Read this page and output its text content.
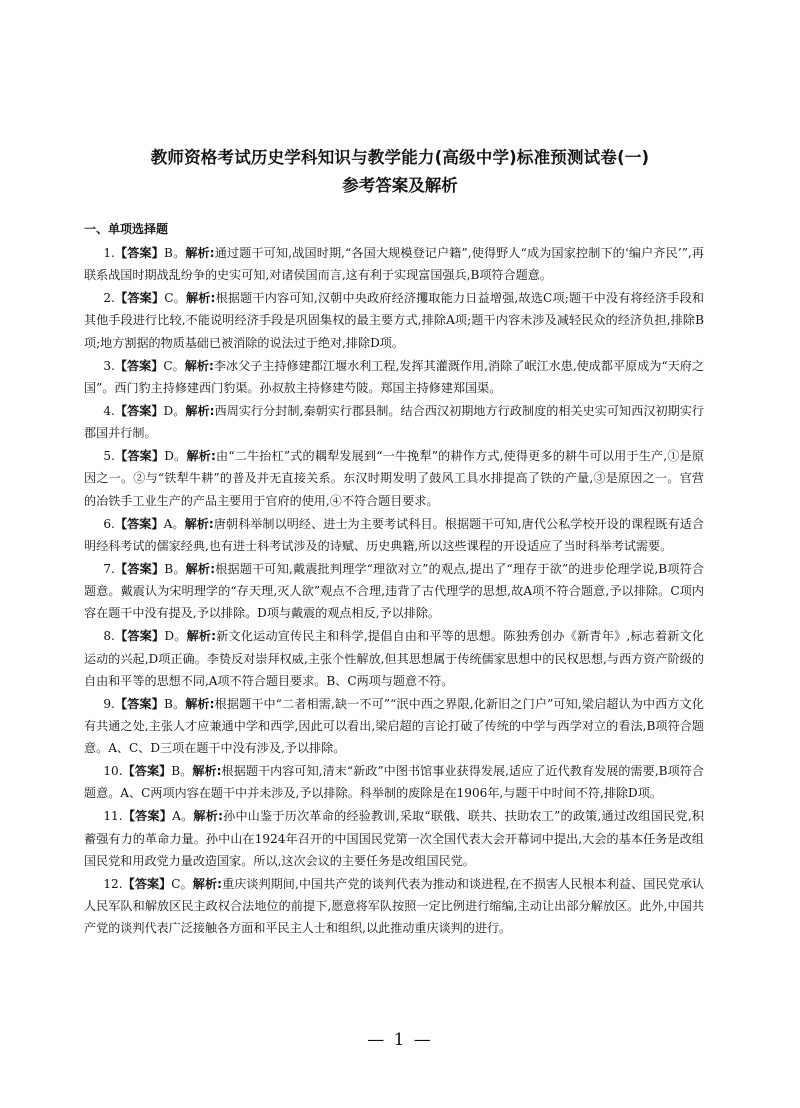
教师资格考试历史学科知识与教学能力(高级中学)标准预测试卷(一)
参考答案及解析
一、单项选择题

1.【答案】B。解析:通过题干可知,战国时期,“各国大规模登记户籍”,使得野人“成为国家控制下的‘编户齐民’”,再联系战国时期战乱纷争的史实可知,对诸侯国而言,这有利于实现富国强兵,B项符合题意。

2.【答案】C。解析:根据题干内容可知,汉朝中央政府经济攫取能力日益增强,故选C项;题干中没有将经济手段和其他手段进行比较,不能说明经济手段是巩固集权的最主要方式,排除A项;题干内容未涉及减轻民众的经济负担,排除B项;地方割据的物质基础已被消除的说法过于绝对,排除D项。

3.【答案】C。解析:李冰父子主持修建都江堰水利工程,发挥其灌溉作用,消除了岷江水患,使成都平原成为“天府之国”。西门豹主持修建西门豹渠。孙叔敖主持修建芍陂。郑国主持修建郑国渠。

4.【答案】D。解析:西周实行分封制,秦朝实行郡县制。结合西汉初期地方行政制度的相关史实可知西汉初期实行郡国并行制。

5.【答案】D。解析:由“二牛抬杠”式的耦犁发展到“一牛挽犁”的耕作方式,使得更多的耕牛可以用于生产,①是原因之一。②与“铁犁牛耕”的普及并无直接关系。东汉时期发明了鼓风工具水排提高了铁的产量,③是原因之一。官营的冶铁手工业生产的产品主要用于官府的使用,④不符合题目要求。

6.【答案】A。解析:唐朝科举制以明经、进士为主要考试科目。根据题干可知,唐代公私学校开设的课程既有适合明经科考试的儒家经典,也有进士科考试涉及的诗赋、历史典籍,所以这些课程的开设适应了当时科举考试需要。

7.【答案】B。解析:根据题干可知,戴震批判理学“理欲对立”的观点,提出了“理存于欲”的进步伦理学说,B项符合题意。戴震认为宋明理学的“存天理,灭人欲”观点不合理,违背了古代理学的思想,故A项不符合题意,予以排除。C项内容在题干中没有提及,予以排除。D项与戴震的观点相反,予以排除。

8.【答案】D。解析:新文化运动宣传民主和科学,提倡自由和平等的思想。陈独秀创办《新青年》,标志着新文化运动的兴起,D项正确。李贽反对崇拜权威,主张个性解放,但其思想属于传统儒家思想中的民权思想,与西方资产阶级的自由和平等的思想不同,A项不符合题目要求。B、C两项与题意不符。

9.【答案】B。解析:根据题干中“二者相需,缺一不可”“泯中西之界限,化新旧之门户”可知,梁启超认为中西方文化有共通之处,主张人才应兼通中学和西学,因此可以看出,梁启超的言论打破了传统的中学与西学对立的看法,B项符合题意。A、C、D三项在题干中没有涉及,予以排除。

10.【答案】B。解析:根据题干内容可知,清末“新政”中图书馆事业获得发展,适应了近代教育发展的需要,B项符合题意。A、C两项内容在题干中并未涉及,予以排除。科举制的废除是在1906年,与题干中时间不符,排除D项。

11.【答案】A。解析:孙中山鉴于历次革命的经验教训,采取“联俄、联共、扶助农工”的政策,通过改组国民党,积蓄强有力的革命力量。孙中山在1924年召开的中国国民党第一次全国代表大会开幕词中提出,大会的基本任务是改组国民党和用政党力量改造国家。所以,这次会议的主要任务是改组国民党。

12.【答案】C。解析:重庆谈判期间,中国共产党的谈判代表为推动和谈进程,在不损害人民根本利益、国民党承认人民军队和解放区民主政权合法地位的前提下,愿意将军队按照一定比例进行缩编,主动让出部分解放区。此外,中国共产党的谈判代表广泛接触各方面和平民主人士和组织,以此推动重庆谈判的进行。

— 1 —
